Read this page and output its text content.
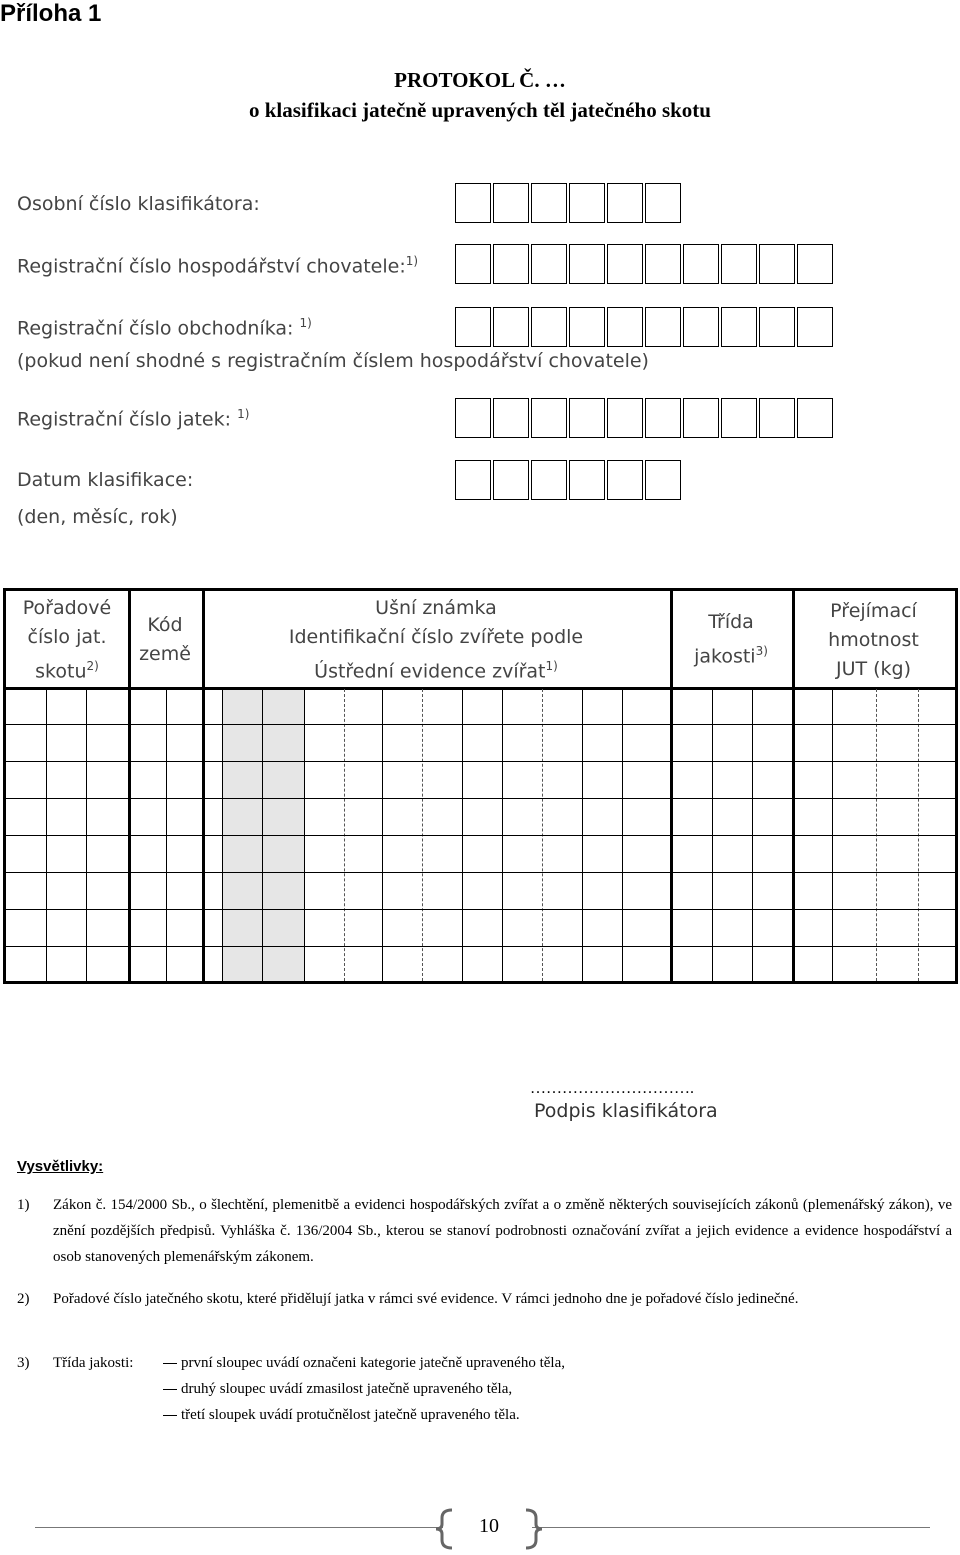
Příloha 1
PROTOKOL Č. …
o klasifikaci jatečně upravených těl jatečného skotu
Osobní číslo klasifikátora:
Registrační číslo hospodářství chovatele:$^{1)}$
Registrační číslo obchodníka: $^{1)}$
(pokud není shodné s registračním číslem hospodářství chovatele)
Registrační číslo jatek: $^{1)}$
Datum klasifikace:
(den, měsíc, rok)
Pořadové
číslo jat.
skotu$^{2)}$
Kód
země
Ušní známka
Identifikační číslo zvířete podle
Ústřední evidence zvířat$^{1)}$
Třída
jakosti$^{3)}$
Přejímací
hmotnost
JUT (kg)
………………………….
Podpis klasifikátora
Vysvětlivky:
1) Zákon č. 154/2000 Sb., o šlechtění, plemenitbě a evidenci hospodářských zvířat a o změně některých souvisejících zákonů (plemenářský zákon), ve znění pozdějších předpisů. Vyhláška č. 136/2004 Sb., kterou se stanoví podrobnosti označování zvířat a jejich evidence a evidence hospodářství a osob stanovených plemenářským zákonem.
2) Pořadové číslo jatečného skotu, které přidělují jatka v rámci své evidence. V rámci jednoho dne je pořadové číslo jedinečné.
3) Třída jakosti:	první sloupec uvádí označeni kategorie jatečně upraveného těla,
druhý sloupec uvádí zmasilost jatečně upraveného těla,
třetí sloupek uvádí protučnělost jatečně upraveného těla.
10
